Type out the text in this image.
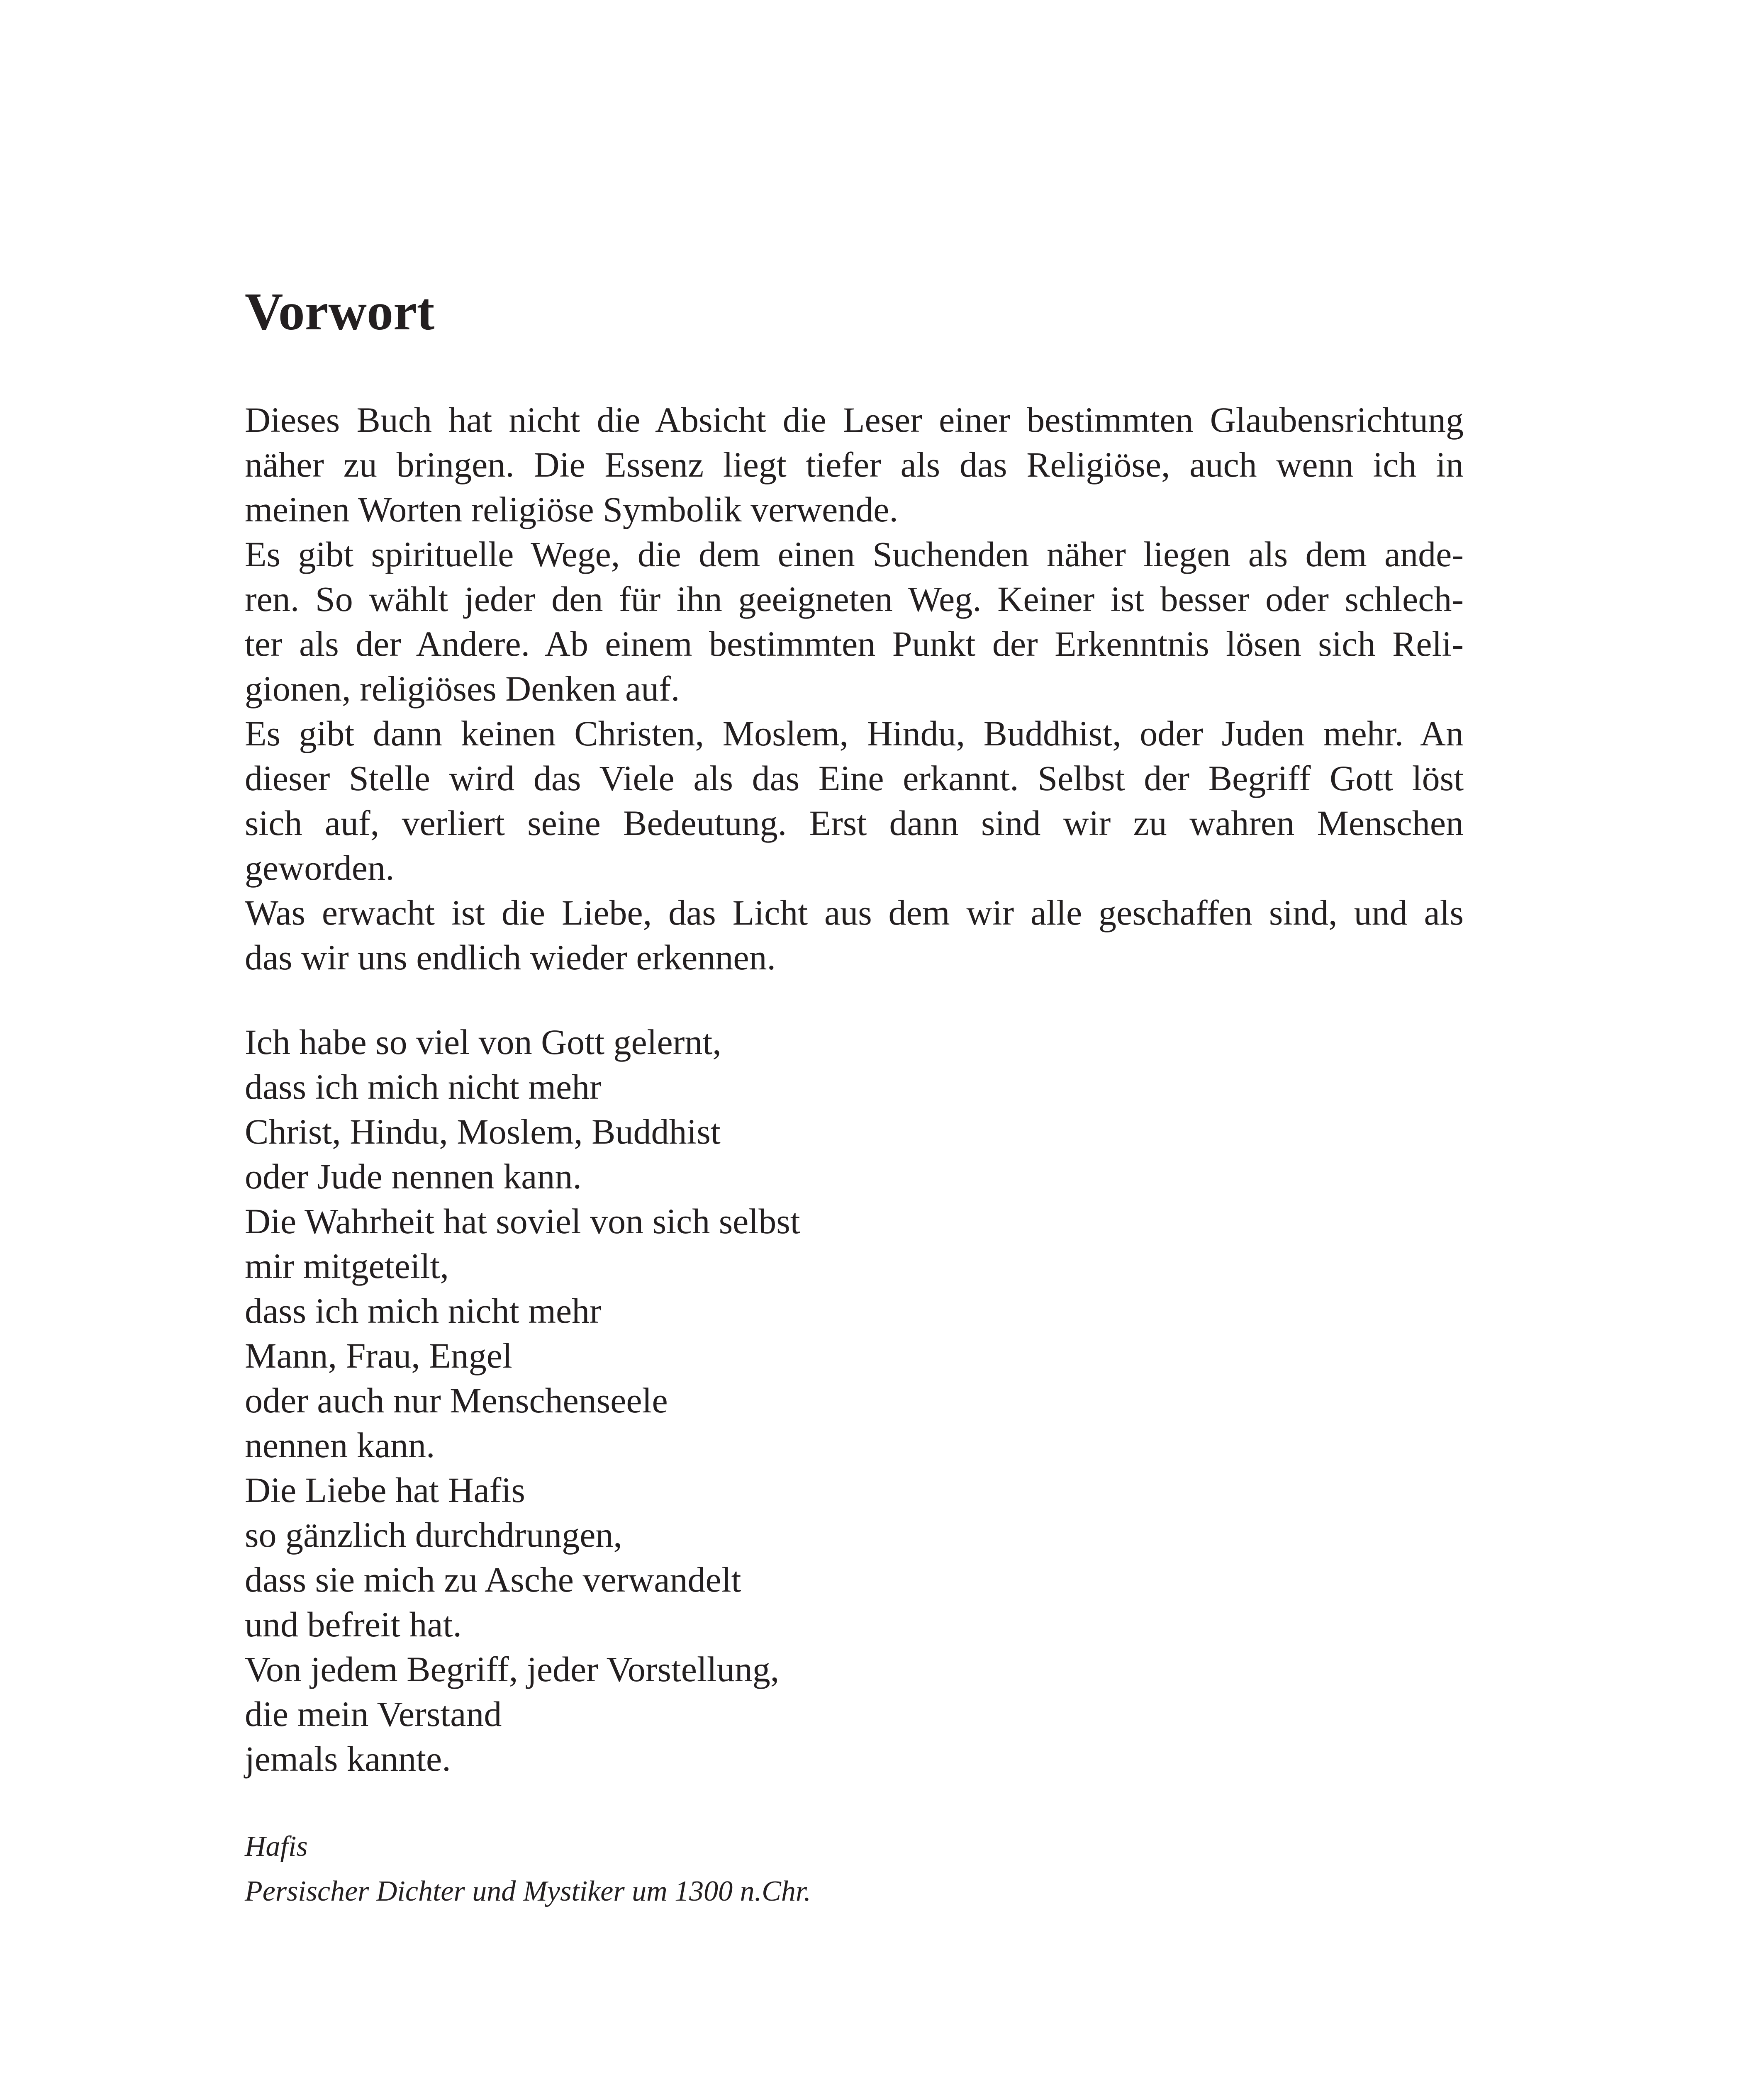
Vorwort
Dieses Buch hat nicht die Absicht die Leser einer bestimmten Glaubensrichtung
näher zu bringen. Die Essenz liegt tiefer als das Religiöse, auch wenn ich in
meinen Worten religiöse Symbolik verwende.
Es gibt spirituelle Wege, die dem einen Suchenden näher liegen als dem ande-
ren. So wählt jeder den für ihn geeigneten Weg. Keiner ist besser oder schlech-
ter als der Andere. Ab einem bestimmten Punkt der Erkenntnis lösen sich Reli-
gionen, religiöses Denken auf.
Es gibt dann keinen Christen, Moslem, Hindu, Buddhist, oder Juden mehr. An
dieser Stelle wird das Viele als das Eine erkannt. Selbst der Begriff Gott löst
sich auf, verliert seine Bedeutung. Erst dann sind wir zu wahren Menschen
geworden.
Was erwacht ist die Liebe, das Licht aus dem wir alle geschaffen sind, und als
das wir uns endlich wieder erkennen.
Ich habe so viel von Gott gelernt,
dass ich mich nicht mehr
Christ, Hindu, Moslem, Buddhist
oder Jude nennen kann.
Die Wahrheit hat soviel von sich selbst
mir mitgeteilt,
dass ich mich nicht mehr
Mann, Frau, Engel
oder auch nur Menschenseele
nennen kann.
Die Liebe hat Hafis
so gänzlich durchdrungen,
dass sie mich zu Asche verwandelt
und befreit hat.
Von jedem Begriff, jeder Vorstellung,
die mein Verstand
jemals kannte.
Hafis
Persischer Dichter und Mystiker um 1300 n.Chr.
